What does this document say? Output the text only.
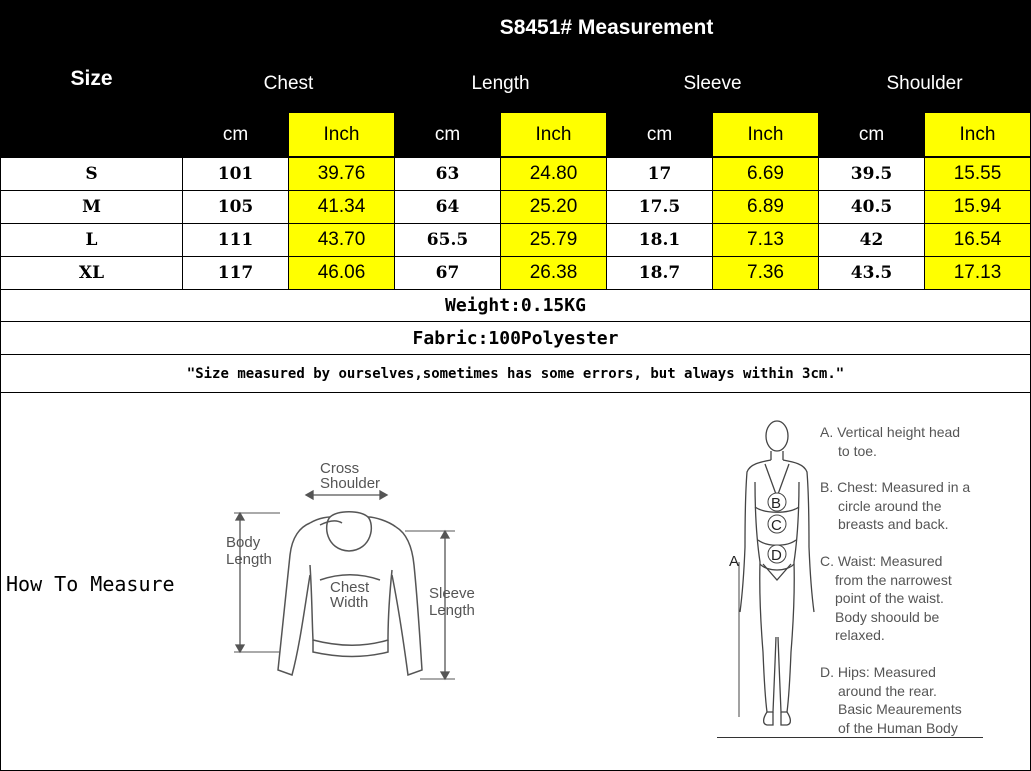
Size
S8451# Measurement
Chest	Length	Sleeve	Shoulder
cm	Inch	cm	Inch	cm	Inch	cm	Inch
S	101	39.76	63	24.80	17	6.69	39.5	15.55
M	105	41.34	64	25.20	17.5	6.89	40.5	15.94
L	111	43.70	65.5	25.79	18.1	7.13	42	16.54
XL	117	46.06	67	26.38	18.7	7.36	43.5	17.13
Weight:0.15KG
Fabric:100Polyester
"Size measured by ourselves,sometimes has some errors, but always within 3cm."
How To Measure
Cross
Shoulder
Body
Length
Chest
Width
Sleeve
Length
B
C
D
A
A. Vertical height head
to toe.
B. Chest: Measured in a
circle around the
breasts and back.
C. Waist: Measured
from the narrowest
point of the waist.
Body shoould be
relaxed.
D. Hips: Measured
around the rear.
Basic Meaurements
of the Human Body
